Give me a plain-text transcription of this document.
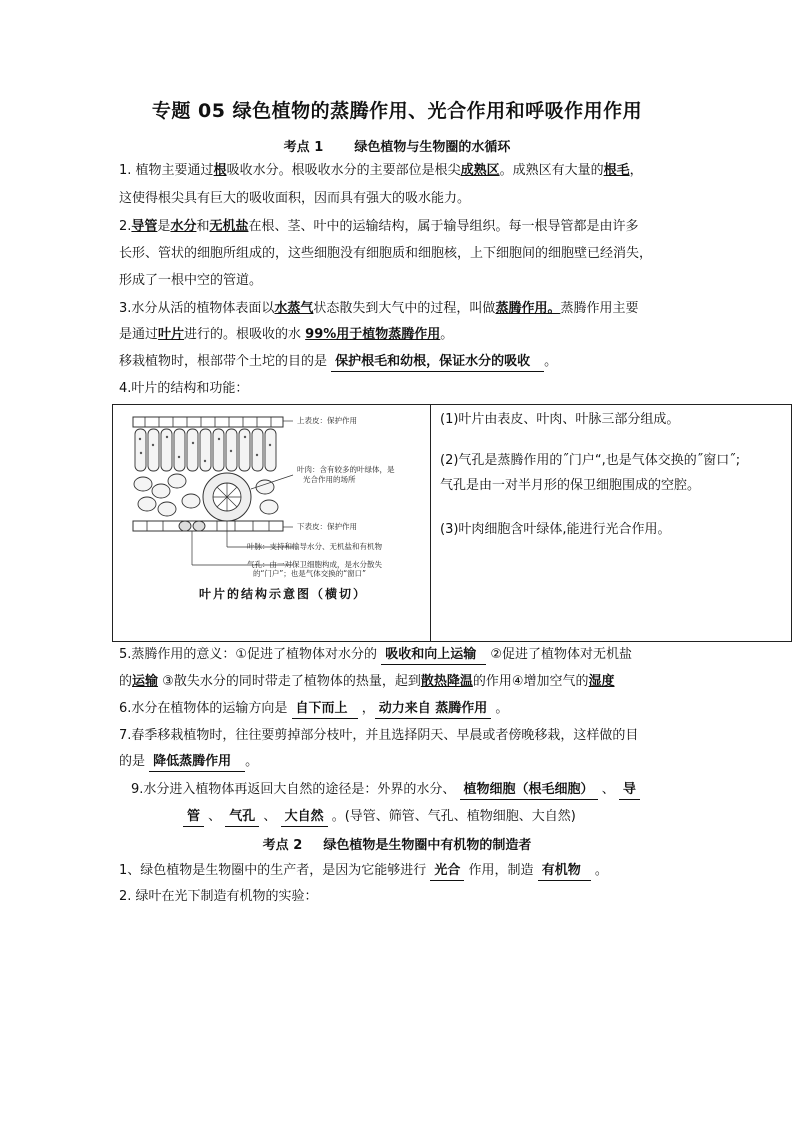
专题 05 绿色植物的蒸腾作用、光合作用和呼吸作用作用
考点 1 绿色植物与生物圈的水循环
1. 植物主要通过根吸收水分。根吸收水分的主要部位是根尖成熟区。成熟区有大量的根毛，
这使得根尖具有巨大的吸收面积，因而具有强大的吸水能力。
2.导管是水分和无机盐在根、茎、叶中的运输结构，属于输导组织。每一根导管都是由许多
长形、管状的细胞所组成的，这些细胞没有细胞质和细胞核，上下细胞间的细胞壁已经消失，
形成了一根中空的管道。
3.水分从活的植物体表面以水蒸气状态散失到大气中的过程，叫做蒸腾作用。蒸腾作用主要
是通过叶片进行的。根吸收的水 99%用于植物蒸腾作用。
移栽植物时，根部带个土坨的目的是 保护根毛和幼根，保证水分的吸收 。
4.叶片的结构和功能：
上表皮：保护作用
叶肉：含有较多的叶绿体，是
光合作用的场所
下表皮：保护作用
叶脉：支持和输导水分、无机盐和有机物
气孔：由一对保卫细胞构成，是水分散失
的“门户”；也是气体交换的“窗口”
叶片的结构示意图（横切）
(1)叶片由表皮、叶肉、叶脉三部分组成。
(2)气孔是蒸腾作用的˝门户“,也是气体交换的˝窗口˝;
气孔是由一对半月形的保卫细胞围成的空腔。
(3)叶肉细胞含叶绿体,能进行光合作用。
5.蒸腾作用的意义：①促进了植物体对水分的 吸收和向上运输 ②促进了植物体对无机盐
的运输 ③散失水分的同时带走了植物体的热量，起到散热降温的作用④增加空气的湿度
6.水分在植物体的运输方向是 自下而上 ， 动力来自 蒸腾作用 。
7.春季移栽植物时，往往要剪掉部分枝叶，并且选择阴天、早晨或者傍晚移栽，这样做的目
的是 降低蒸腾作用 。
9.水分进入植物体再返回大自然的途径是：外界的水分、 植物细胞（根毛细胞） 、 导
管 、 气孔 、 大自然 。(导管、筛管、气孔、植物细胞、大自然)
考点 2 绿色植物是生物圈中有机物的制造者
1、绿色植物是生物圈中的生产者，是因为它能够进行 光合 作用，制造 有机物 。
2. 绿叶在光下制造有机物的实验：
